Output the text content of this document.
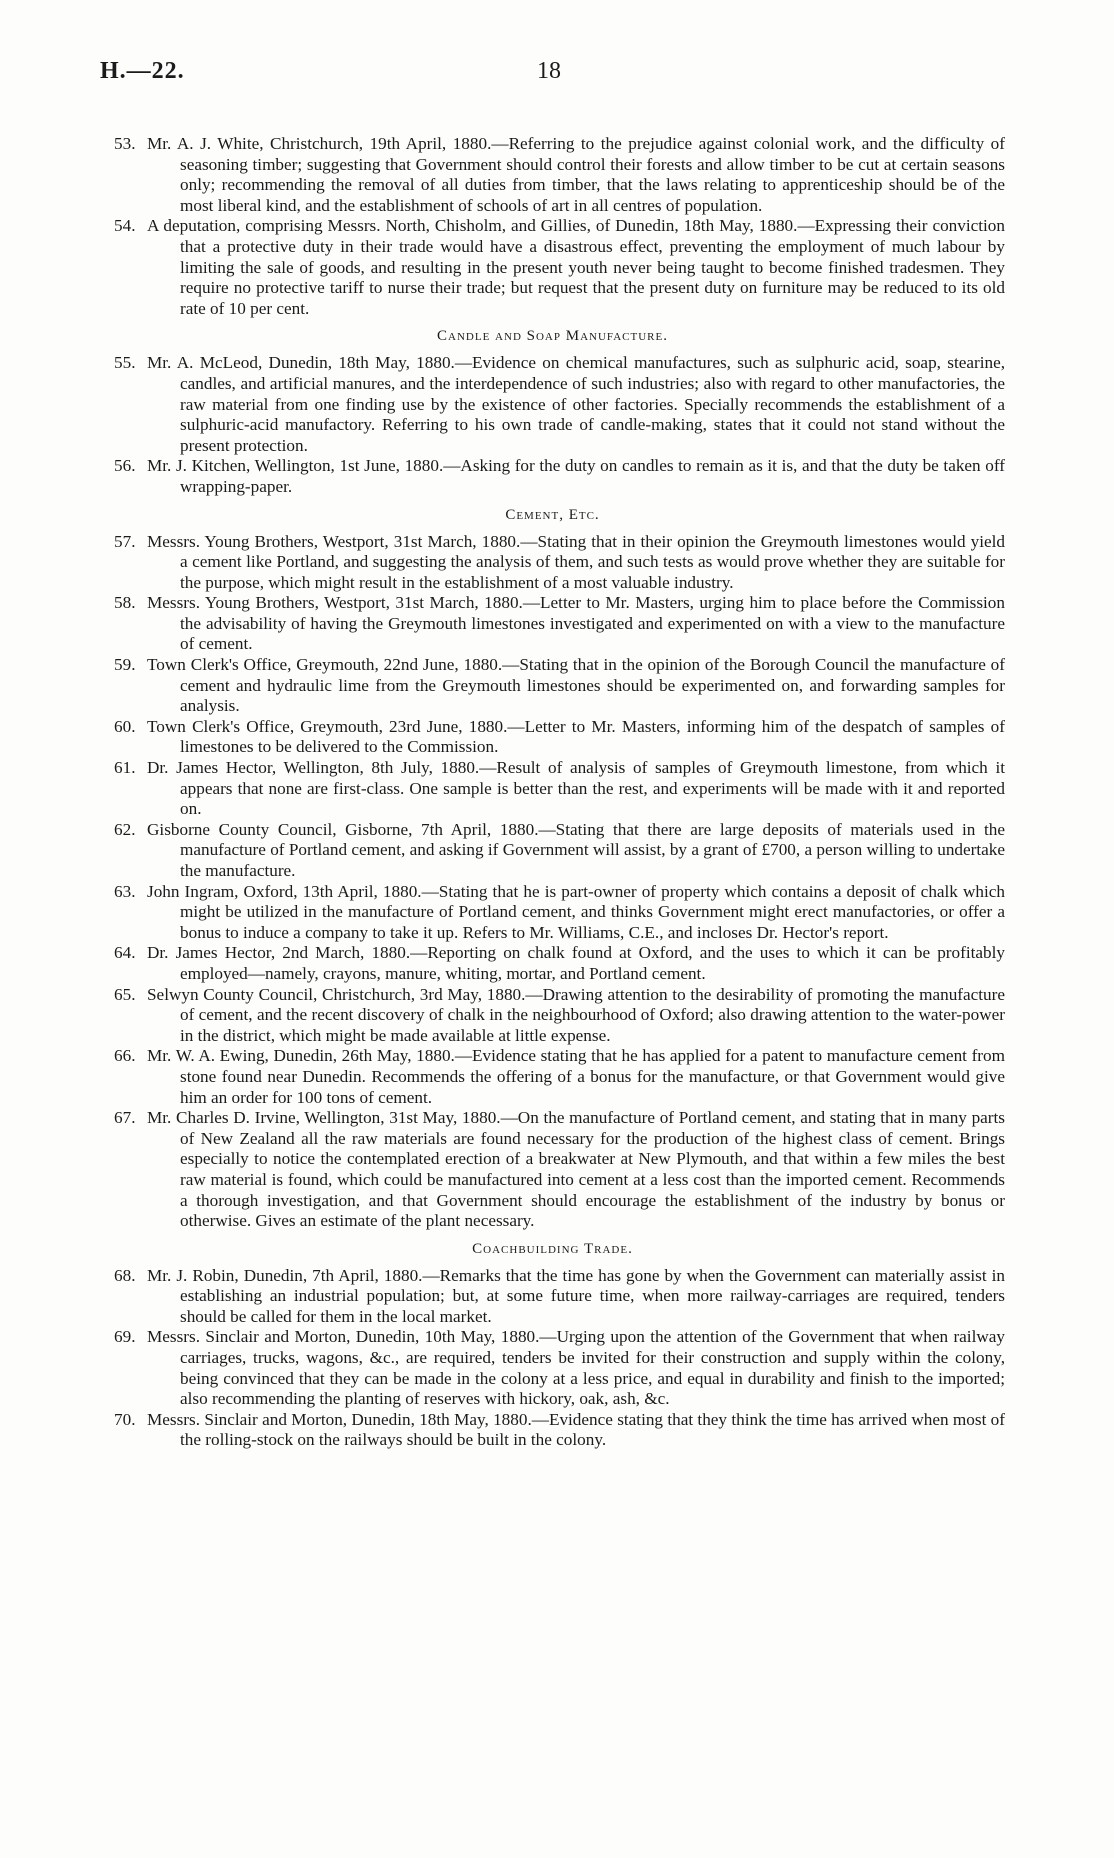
H.—22.	18
53. Mr. A. J. White, Christchurch, 19th April, 1880.—Referring to the prejudice against colonial work, and the difficulty of seasoning timber; suggesting that Government should control their forests and allow timber to be cut at certain seasons only; recommending the removal of all duties from timber, that the laws relating to apprenticeship should be of the most liberal kind, and the establishment of schools of art in all centres of population.
54. A deputation, comprising Messrs. North, Chisholm, and Gillies, of Dunedin, 18th May, 1880.—Expressing their conviction that a protective duty in their trade would have a disastrous effect, preventing the employment of much labour by limiting the sale of goods, and resulting in the present youth never being taught to become finished tradesmen. They require no protective tariff to nurse their trade; but request that the present duty on furniture may be reduced to its old rate of 10 per cent.
Candle and Soap Manufacture.
55. Mr. A. McLeod, Dunedin, 18th May, 1880.—Evidence on chemical manufactures, such as sulphuric acid, soap, stearine, candles, and artificial manures, and the interdependence of such industries; also with regard to other manufactories, the raw material from one finding use by the existence of other factories. Specially recommends the establishment of a sulphuric-acid manufactory. Referring to his own trade of candle-making, states that it could not stand without the present protection.
56. Mr. J. Kitchen, Wellington, 1st June, 1880.—Asking for the duty on candles to remain as it is, and that the duty be taken off wrapping-paper.
Cement, Etc.
57. Messrs. Young Brothers, Westport, 31st March, 1880.—Stating that in their opinion the Greymouth limestones would yield a cement like Portland, and suggesting the analysis of them, and such tests as would prove whether they are suitable for the purpose, which might result in the establishment of a most valuable industry.
58. Messrs. Young Brothers, Westport, 31st March, 1880.—Letter to Mr. Masters, urging him to place before the Commission the advisability of having the Greymouth limestones investigated and experimented on with a view to the manufacture of cement.
59. Town Clerk's Office, Greymouth, 22nd June, 1880.—Stating that in the opinion of the Borough Council the manufacture of cement and hydraulic lime from the Greymouth limestones should be experimented on, and forwarding samples for analysis.
60. Town Clerk's Office, Greymouth, 23rd June, 1880.—Letter to Mr. Masters, informing him of the despatch of samples of limestones to be delivered to the Commission.
61. Dr. James Hector, Wellington, 8th July, 1880.—Result of analysis of samples of Greymouth limestone, from which it appears that none are first-class. One sample is better than the rest, and experiments will be made with it and reported on.
62. Gisborne County Council, Gisborne, 7th April, 1880.—Stating that there are large deposits of materials used in the manufacture of Portland cement, and asking if Government will assist, by a grant of £700, a person willing to undertake the manufacture.
63. John Ingram, Oxford, 13th April, 1880.—Stating that he is part-owner of property which contains a deposit of chalk which might be utilized in the manufacture of Portland cement, and thinks Government might erect manufactories, or offer a bonus to induce a company to take it up. Refers to Mr. Williams, C.E., and incloses Dr. Hector's report.
64. Dr. James Hector, 2nd March, 1880.—Reporting on chalk found at Oxford, and the uses to which it can be profitably employed—namely, crayons, manure, whiting, mortar, and Portland cement.
65. Selwyn County Council, Christchurch, 3rd May, 1880.—Drawing attention to the desirability of promoting the manufacture of cement, and the recent discovery of chalk in the neighbourhood of Oxford; also drawing attention to the water-power in the district, which might be made available at little expense.
66. Mr. W. A. Ewing, Dunedin, 26th May, 1880.—Evidence stating that he has applied for a patent to manufacture cement from stone found near Dunedin. Recommends the offering of a bonus for the manufacture, or that Government would give him an order for 100 tons of cement.
67. Mr. Charles D. Irvine, Wellington, 31st May, 1880.—On the manufacture of Portland cement, and stating that in many parts of New Zealand all the raw materials are found necessary for the production of the highest class of cement. Brings especially to notice the contemplated erection of a breakwater at New Plymouth, and that within a few miles the best raw material is found, which could be manufactured into cement at a less cost than the imported cement. Recommends a thorough investigation, and that Government should encourage the establishment of the industry by bonus or otherwise. Gives an estimate of the plant necessary.
Coachbuilding Trade.
68. Mr. J. Robin, Dunedin, 7th April, 1880.—Remarks that the time has gone by when the Government can materially assist in establishing an industrial population; but, at some future time, when more railway-carriages are required, tenders should be called for them in the local market.
69. Messrs. Sinclair and Morton, Dunedin, 10th May, 1880.—Urging upon the attention of the Government that when railway carriages, trucks, wagons, &c., are required, tenders be invited for their construction and supply within the colony, being convinced that they can be made in the colony at a less price, and equal in durability and finish to the imported; also recommending the planting of reserves with hickory, oak, ash, &c.
70. Messrs. Sinclair and Morton, Dunedin, 18th May, 1880.—Evidence stating that they think the time has arrived when most of the rolling-stock on the railways should be built in the colony.
